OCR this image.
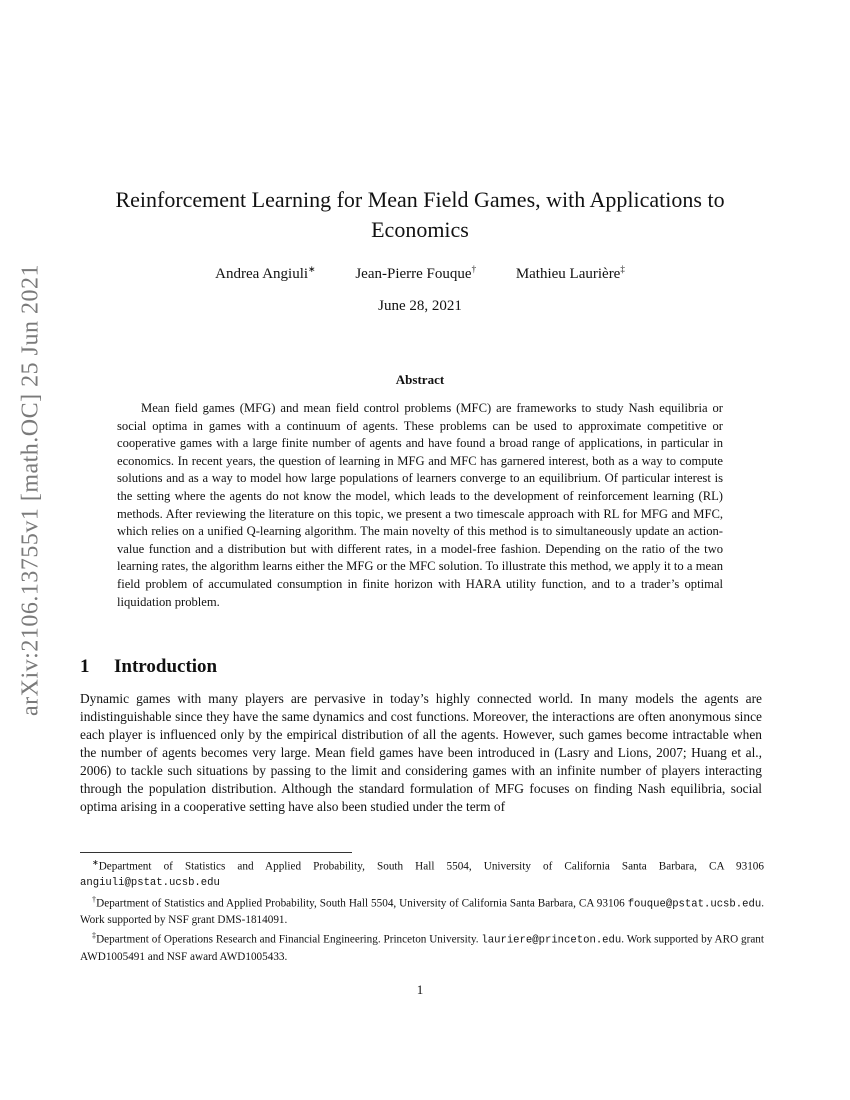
arXiv:2106.13755v1 [math.OC] 25 Jun 2021
Reinforcement Learning for Mean Field Games, with Applications to
Economics
Andrea Angiuli∗	Jean-Pierre Fouque†	Mathieu Laurière‡
June 28, 2021
Abstract

Mean field games (MFG) and mean field control problems (MFC) are frameworks to study Nash equilibria or social optima in games with a continuum of agents. These problems can be used to approximate competitive or cooperative games with a large finite number of agents and have found a broad range of applications, in particular in economics. In recent years, the question of learning in MFG and MFC has garnered interest, both as a way to compute solutions and as a way to model how large populations of learners converge to an equilibrium. Of particular interest is the setting where the agents do not know the model, which leads to the development of reinforcement learning (RL) methods. After reviewing the literature on this topic, we present a two timescale approach with RL for MFG and MFC, which relies on a unified Q-learning algorithm. The main novelty of this method is to simultaneously update an action-value function and a distribution but with different rates, in a model-free fashion. Depending on the ratio of the two learning rates, the algorithm learns either the MFG or the MFC solution. To illustrate this method, we apply it to a mean field problem of accumulated consumption in finite horizon with HARA utility function, and to a trader’s optimal liquidation problem.

1 Introduction

Dynamic games with many players are pervasive in today’s highly connected world. In many models the agents are indistinguishable since they have the same dynamics and cost functions. Moreover, the interactions are often anonymous since each player is influenced only by the empirical distribution of all the agents. However, such games become intractable when the number of agents becomes very large. Mean field games have been introduced in (Lasry and Lions, 2007; Huang et al., 2006) to tackle such situations by passing to the limit and considering games with an infinite number of players interacting through the population distribution. Although the standard formulation of MFG focuses on finding Nash equilibria, social optima arising in a cooperative setting have also been studied under the term of

∗Department of Statistics and Applied Probability, South Hall 5504, University of California Santa Barbara, CA 93106 angiuli@pstat.ucsb.edu

†Department of Statistics and Applied Probability, South Hall 5504, University of California Santa Barbara, CA 93106 fouque@pstat.ucsb.edu. Work supported by NSF grant DMS-1814091.

‡Department of Operations Research and Financial Engineering. Princeton University. lauriere@princeton.edu. Work supported by ARO grant AWD1005491 and NSF award AWD1005433.

1
